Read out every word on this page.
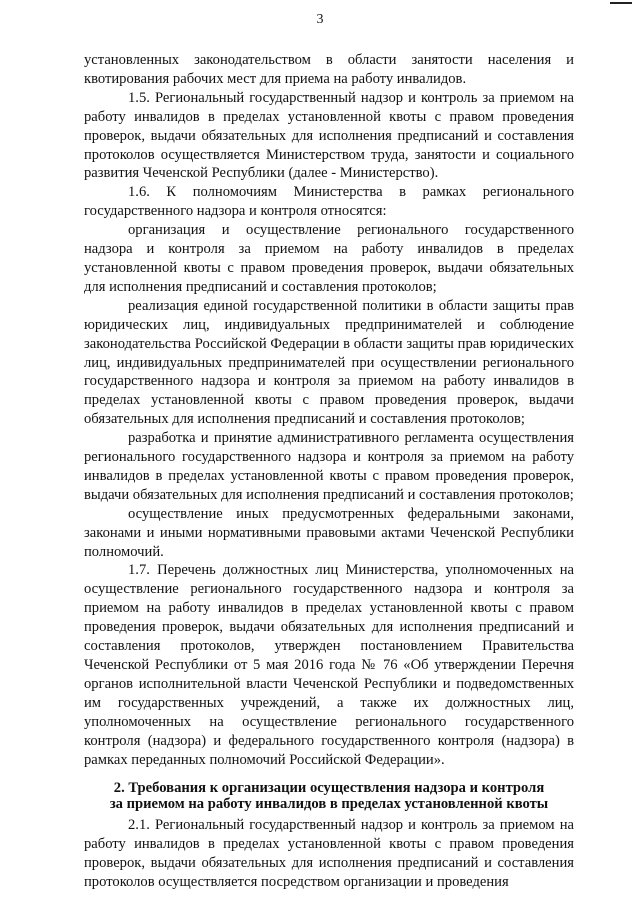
3

установленных законодательством в области занятости населения и квотирования рабочих мест для приема на работу инвалидов.

1.5. Региональный государственный надзор и контроль за приемом на работу инвалидов в пределах установленной квоты с правом проведения проверок, выдачи обязательных для исполнения предписаний и составления протоколов осуществляется Министерством труда, занятости и социального развития Чеченской Республики (далее - Министерство).

1.6. К полномочиям Министерства в рамках регионального государственного надзора и контроля относятся:

организация и осуществление регионального государственного надзора и контроля за приемом на работу инвалидов в пределах установленной квоты с правом проведения проверок, выдачи обязательных для исполнения предписаний и составления протоколов;

реализация единой государственной политики в области защиты прав юридических лиц, индивидуальных предпринимателей и соблюдение законодательства Российской Федерации в области защиты прав юридических лиц, индивидуальных предпринимателей при осуществлении регионального государственного надзора и контроля за приемом на работу инвалидов в пределах установленной квоты с правом проведения проверок, выдачи обязательных для исполнения предписаний и составления протоколов;

разработка и принятие административного регламента осуществления регионального государственного надзора и контроля за приемом на работу инвалидов в пределах установленной квоты с правом проведения проверок, выдачи обязательных для исполнения предписаний и составления протоколов;

осуществление иных предусмотренных федеральными законами, законами и иными нормативными правовыми актами Чеченской Республики полномочий.

1.7. Перечень должностных лиц Министерства, уполномоченных на осуществление регионального государственного надзора и контроля за приемом на работу инвалидов в пределах установленной квоты с правом проведения проверок, выдачи обязательных для исполнения предписаний и составления протоколов, утвержден постановлением Правительства Чеченской Республики от 5 мая 2016 года № 76 «Об утверждении Перечня органов исполнительной власти Чеченской Республики и подведомственных им государственных учреждений, а также их должностных лиц, уполномоченных на осуществление регионального государственного контроля (надзора) и федерального государственного контроля (надзора) в рамках переданных полномочий Российской Федерации».

2. Требования к организации осуществления надзора и контроля
за приемом на работу инвалидов в пределах установленной квоты

2.1. Региональный государственный надзор и контроль за приемом на работу инвалидов в пределах установленной квоты с правом проведения проверок, выдачи обязательных для исполнения предписаний и составления протоколов осуществляется посредством организации и проведения
